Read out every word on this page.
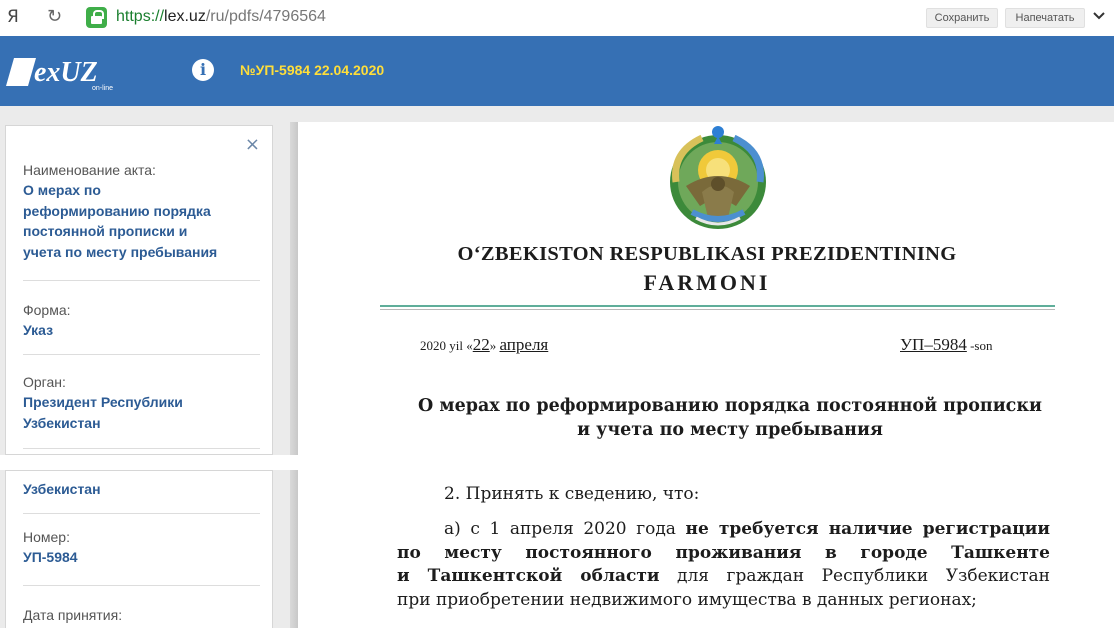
Я ↻	https://lex.uz/ru/pdfs/4796564	Сохранить	Напечатать
exUZ
on-line
i	№УП-5984 22.04.2020
×
Наименование акта:
О мерах по
реформированию порядка
постоянной прописки и
учета по месту пребывания
Форма:
Указ
Орган:
Президент Республики
Узбекистан
Узбекистан
Номер:
УП-5984
Дата принятия:
O‘ZBEKISTON RESPUBLIKASI PREZIDENTINING
FARMONI
2020 yil «22» апреля	УП–5984 -son
О мерах по реформированию порядка постоянной прописки
и учета по месту пребывания
2. Принять к сведению, что:
а) с 1 апреля 2020 года не требуется наличие регистрации
по месту постоянного проживания в городе Ташкенте
и Ташкентской области для граждан Республики Узбекистан
при приобретении недвижимого имущества в данных регионах;
